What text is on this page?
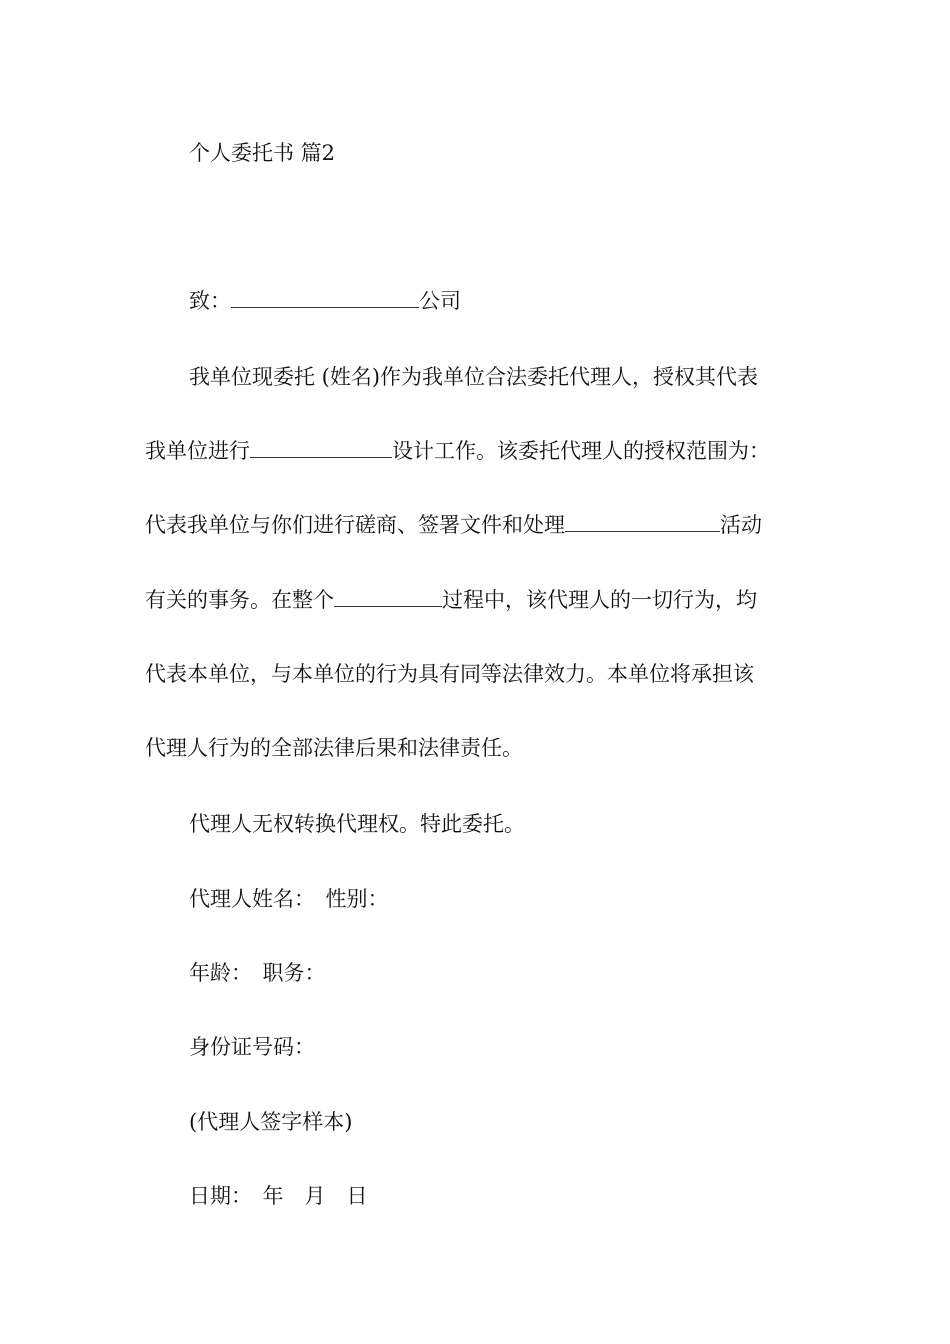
个人委托书 篇2
致：	公司
我单位现委托 (姓名)作为我单位合法委托代理人，授权其代表
我单位进行	设计工作。该委托代理人的授权范围为：
代表我单位与你们进行磋商、签署文件和处理	活动
有关的事务。在整个	过程中，该代理人的一切行为，均
代表本单位，与本单位的行为具有同等法律效力。本单位将承担该
代理人行为的全部法律后果和法律责任。
代理人无权转换代理权。特此委托。
代理人姓名：　性别：
年龄：　职务：
身份证号码：
(代理人签字样本)
日期：　年　月　日
